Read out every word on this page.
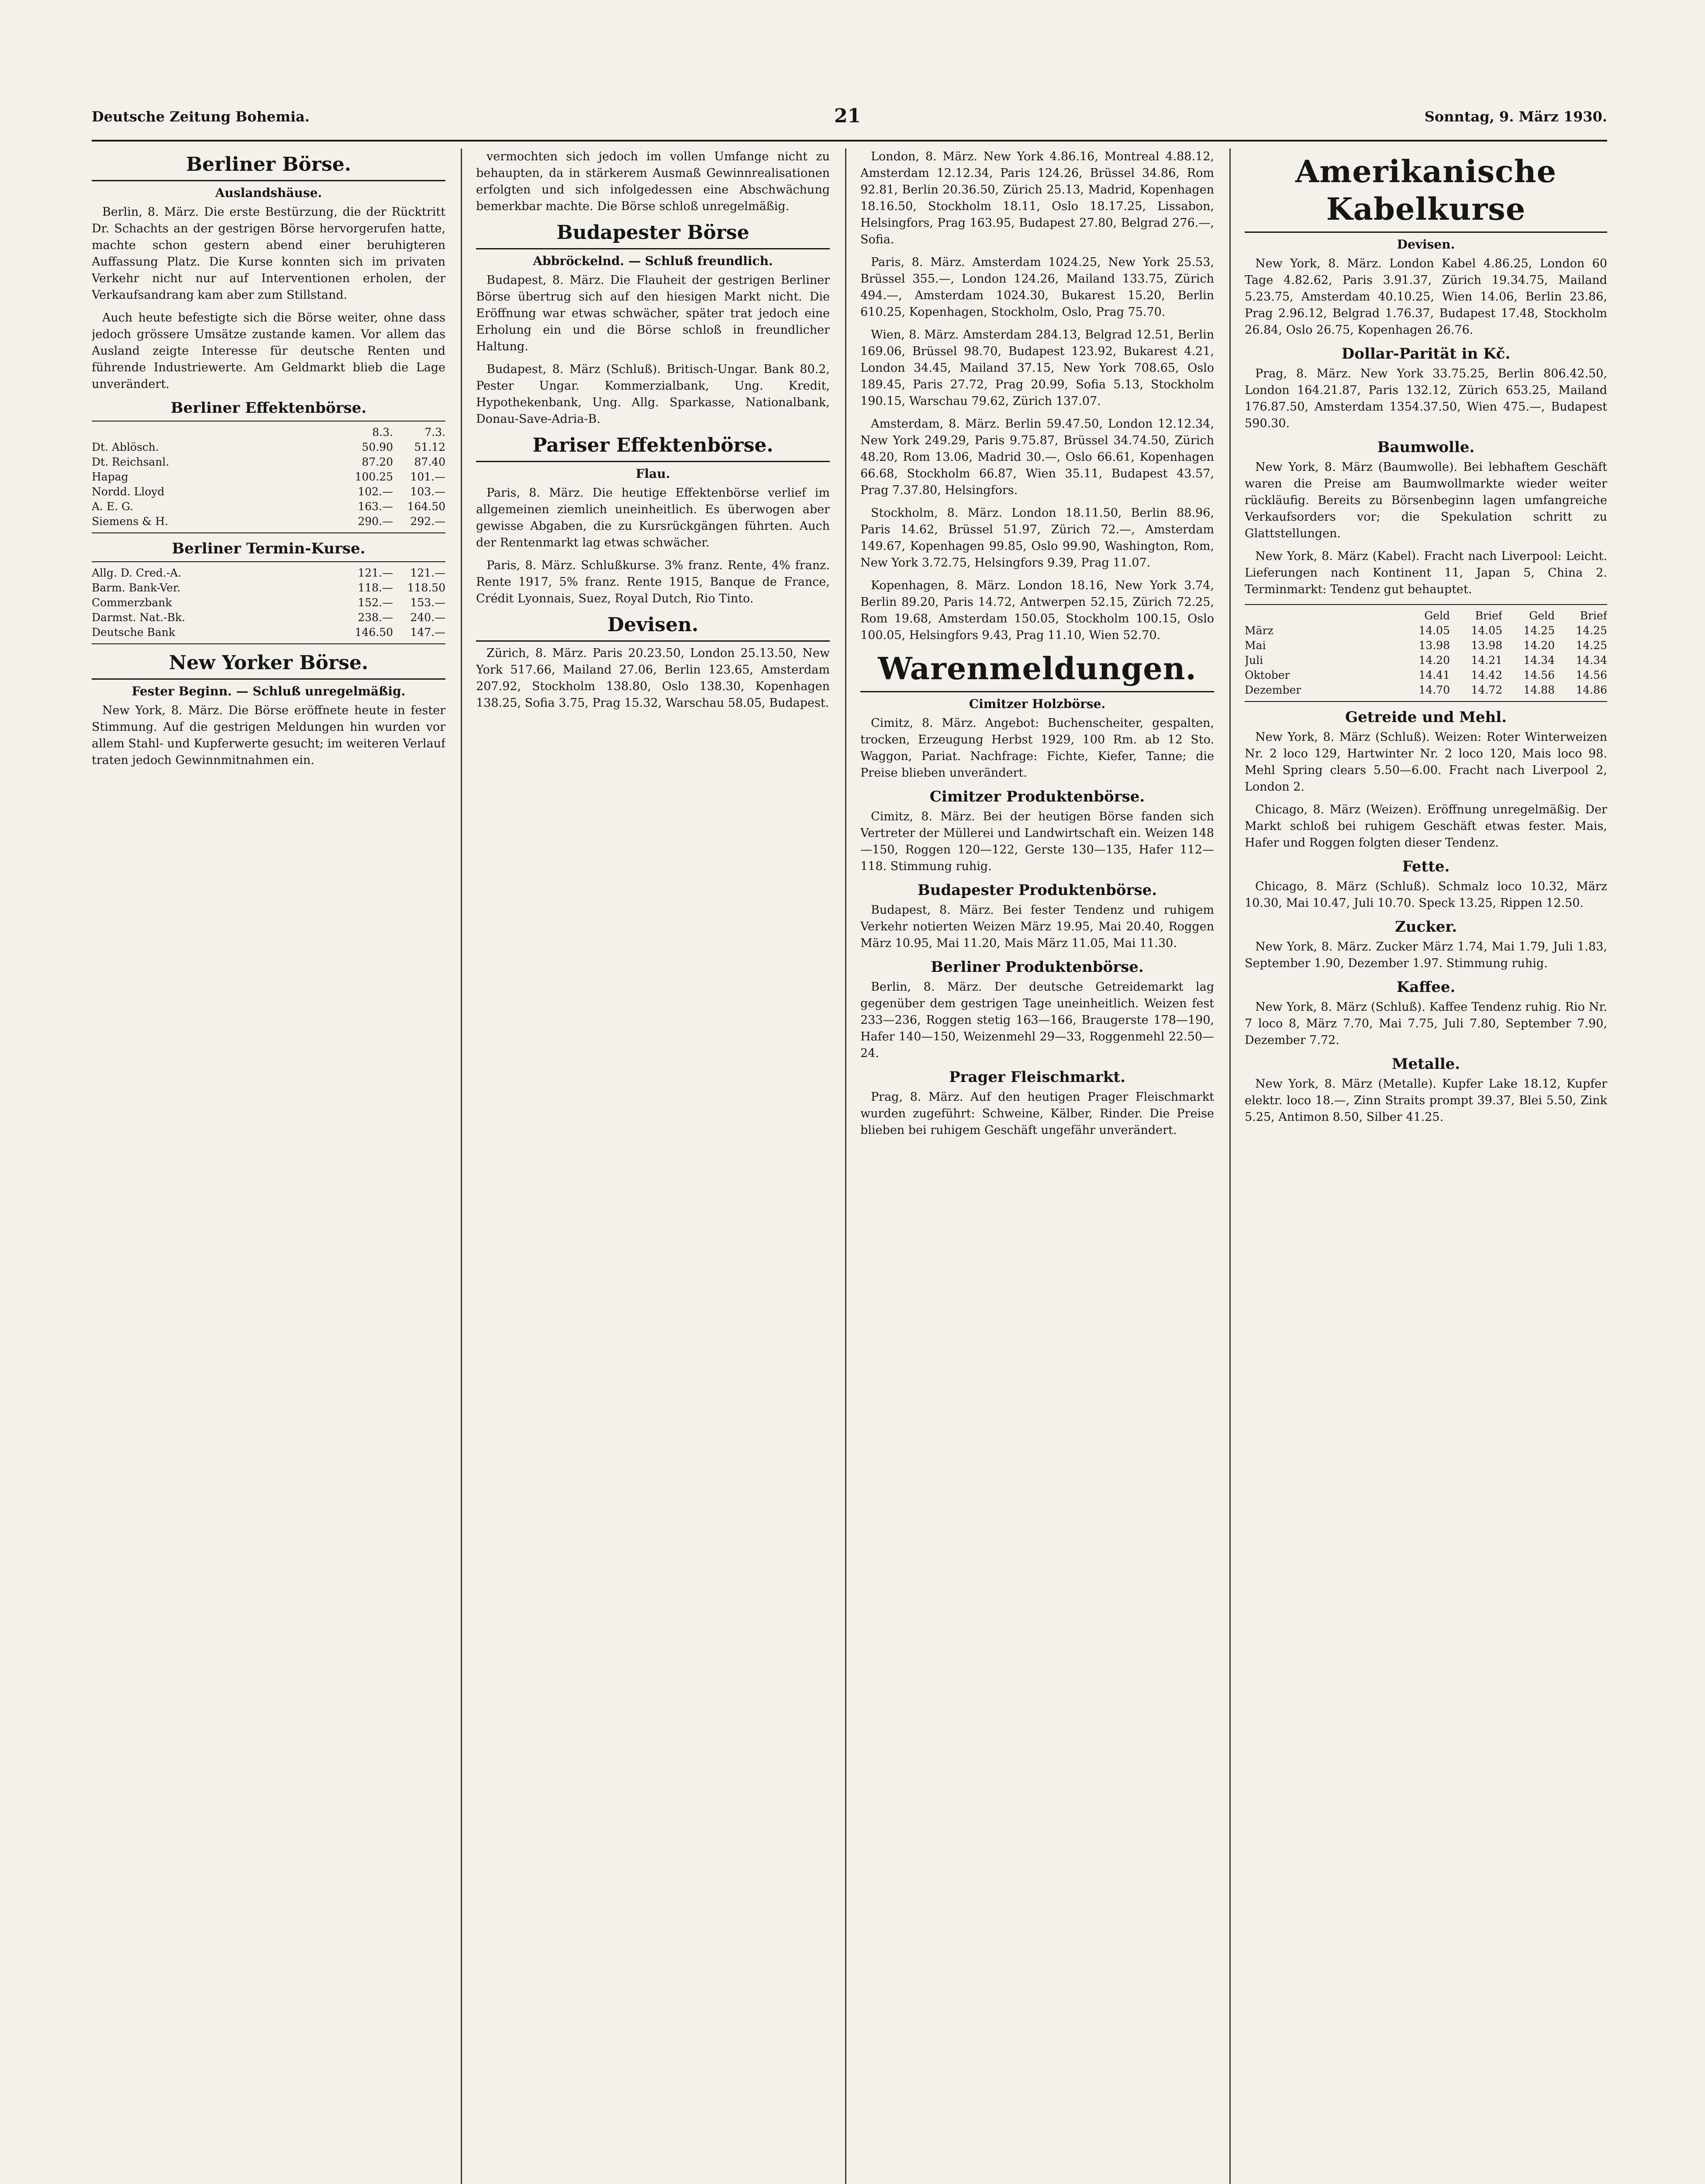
Deutsche Zeitung Bohemia.	21	Sonntag, 9. März 1930.
Berliner Börse.
Auslandshäuse.

Berlin, 8. März. Die erste Bestürzung, die der Rücktritt Dr. Schachts an der gestrigen Börse hervorgerufen hatte, machte schon gestern abend einer beruhigteren Auffassung Platz. Die Kurse konnten sich im privaten Verkehr nicht nur auf Interventionen erholen, der Verkaufsandrang kam aber zum Stillstand.

Auch heute befestigte sich die Börse weiter, ohne dass jedoch grössere Umsätze zustande kamen. Vor allem das Ausland zeigte Interesse für deutsche Renten und führende Industriewerte. Am Geldmarkt blieb die Lage unverändert.

Berliner Effektenbörse.
8.3.	7.3.
Dt. Ablösch.	50.90	51.12
Dt. Reichsanl.	87.20	87.40
Hapag	100.25	101.—
Nordd. Lloyd	102.—	103.—
A. E. G.	163.—	164.50
Siemens & H.	290.—	292.—
Berliner Termin-Kurse.
Allg. D. Cred.-A.	121.—	121.—
Barm. Bank-Ver.	118.—	118.50
Commerzbank	152.—	153.—
Darmst. Nat.-Bk.	238.—	240.—
Deutsche Bank	146.50	147.—
New Yorker Börse.
Fester Beginn. — Schluß unregelmäßig.

New York, 8. März. Die Börse eröffnete heute in fester Stimmung. Auf die gestrigen Meldungen hin wurden vor allem Stahl- und Kupferwerte gesucht; im weiteren Verlauf traten jedoch Gewinnmitnahmen ein.

vermochten sich jedoch im vollen Umfange nicht zu behaupten, da in stärkerem Ausmaß Gewinnrealisationen erfolgten und sich infolgedessen eine Abschwächung bemerkbar machte. Die Börse schloß unregelmäßig.

Budapester Börse
Abbröckelnd. — Schluß freundlich.

Budapest, 8. März. Die Flauheit der gestrigen Berliner Börse übertrug sich auf den hiesigen Markt nicht. Die Eröffnung war etwas schwächer, später trat jedoch eine Erholung ein und die Börse schloß in freundlicher Haltung.

Budapest, 8. März (Schluß). Britisch-Ungar. Bank 80.2, Pester Ungar. Kommerzialbank, Ung. Kredit, Hypothekenbank, Ung. Allg. Sparkasse, Nationalbank, Donau-Save-Adria-B.

Pariser Effektenbörse.
Flau.

Paris, 8. März. Die heutige Effektenbörse verlief im allgemeinen ziemlich uneinheitlich. Es überwogen aber gewisse Abgaben, die zu Kursrückgängen führten. Auch der Rentenmarkt lag etwas schwächer.

Paris, 8. März. Schlußkurse. 3% franz. Rente, 4% franz. Rente 1917, 5% franz. Rente 1915, Banque de France, Crédit Lyonnais, Suez, Royal Dutch, Rio Tinto.

Devisen.

Zürich, 8. März. Paris 20.23.50, London 25.13.50, New York 517.66, Mailand 27.06, Berlin 123.65, Amsterdam 207.92, Stockholm 138.80, Oslo 138.30, Kopenhagen 138.25, Sofia 3.75, Prag 15.32, Warschau 58.05, Budapest.

London, 8. März. New York 4.86.16, Montreal 4.88.12, Amsterdam 12.12.34, Paris 124.26, Brüssel 34.86, Rom 92.81, Berlin 20.36.50, Zürich 25.13, Madrid, Kopenhagen 18.16.50, Stockholm 18.11, Oslo 18.17.25, Lissabon, Helsingfors, Prag 163.95, Budapest 27.80, Belgrad 276.—, Sofia.

Paris, 8. März. Amsterdam 1024.25, New York 25.53, Brüssel 355.—, London 124.26, Mailand 133.75, Zürich 494.—, Amsterdam 1024.30, Bukarest 15.20, Berlin 610.25, Kopenhagen, Stockholm, Oslo, Prag 75.70.

Wien, 8. März. Amsterdam 284.13, Belgrad 12.51, Berlin 169.06, Brüssel 98.70, Budapest 123.92, Bukarest 4.21, London 34.45, Mailand 37.15, New York 708.65, Oslo 189.45, Paris 27.72, Prag 20.99, Sofia 5.13, Stockholm 190.15, Warschau 79.62, Zürich 137.07.

Amsterdam, 8. März. Berlin 59.47.50, London 12.12.34, New York 249.29, Paris 9.75.87, Brüssel 34.74.50, Zürich 48.20, Rom 13.06, Madrid 30.—, Oslo 66.61, Kopenhagen 66.68, Stockholm 66.87, Wien 35.11, Budapest 43.57, Prag 7.37.80, Helsingfors.

Stockholm, 8. März. London 18.11.50, Berlin 88.96, Paris 14.62, Brüssel 51.97, Zürich 72.—, Amsterdam 149.67, Kopenhagen 99.85, Oslo 99.90, Washington, Rom, New York 3.72.75, Helsingfors 9.39, Prag 11.07.

Kopenhagen, 8. März. London 18.16, New York 3.74, Berlin 89.20, Paris 14.72, Antwerpen 52.15, Zürich 72.25, Rom 19.68, Amsterdam 150.05, Stockholm 100.15, Oslo 100.05, Helsingfors 9.43, Prag 11.10, Wien 52.70.

Warenmeldungen.
Cimitzer Holzbörse.

Cimitz, 8. März. Angebot: Buchenscheiter, gespalten, trocken, Erzeugung Herbst 1929, 100 Rm. ab 12 Sto. Waggon, Pariat. Nachfrage: Fichte, Kiefer, Tanne; die Preise blieben unverändert.

Cimitzer Produktenbörse.

Cimitz, 8. März. Bei der heutigen Börse fanden sich Vertreter der Müllerei und Landwirtschaft ein. Weizen 148—150, Roggen 120—122, Gerste 130—135, Hafer 112—118. Stimmung ruhig.

Budapester Produktenbörse.

Budapest, 8. März. Bei fester Tendenz und ruhigem Verkehr notierten Weizen März 19.95, Mai 20.40, Roggen März 10.95, Mai 11.20, Mais März 11.05, Mai 11.30.

Berliner Produktenbörse.

Berlin, 8. März. Der deutsche Getreidemarkt lag gegenüber dem gestrigen Tage uneinheitlich. Weizen fest 233—236, Roggen stetig 163—166, Braugerste 178—190, Hafer 140—150, Weizenmehl 29—33, Roggenmehl 22.50—24.

Prager Fleischmarkt.

Prag, 8. März. Auf den heutigen Prager Fleischmarkt wurden zugeführt: Schweine, Kälber, Rinder. Die Preise blieben bei ruhigem Geschäft ungefähr unverändert.

Amerikanische Kabelkurse
Devisen.

New York, 8. März. London Kabel 4.86.25, London 60 Tage 4.82.62, Paris 3.91.37, Zürich 19.34.75, Mailand 5.23.75, Amsterdam 40.10.25, Wien 14.06, Berlin 23.86, Prag 2.96.12, Belgrad 1.76.37, Budapest 17.48, Stockholm 26.84, Oslo 26.75, Kopenhagen 26.76.

Dollar-Parität in Kč.

Prag, 8. März. New York 33.75.25, Berlin 806.42.50, London 164.21.87, Paris 132.12, Zürich 653.25, Mailand 176.87.50, Amsterdam 1354.37.50, Wien 475.—, Budapest 590.30.

Baumwolle.

New York, 8. März (Baumwolle). Bei lebhaftem Geschäft waren die Preise am Baumwollmarkte wieder weiter rückläufig. Bereits zu Börsenbeginn lagen umfangreiche Verkaufsorders vor; die Spekulation schritt zu Glattstellungen.

New York, 8. März (Kabel). Fracht nach Liverpool: Leicht. Lieferungen nach Kontinent 11, Japan 5, China 2. Terminmarkt: Tendenz gut behauptet.

Geld	Brief	Geld	Brief
März	14.05	14.05	14.25	14.25
Mai	13.98	13.98	14.20	14.25
Juli	14.20	14.21	14.34	14.34
Oktober	14.41	14.42	14.56	14.56
Dezember	14.70	14.72	14.88	14.86
Getreide und Mehl.

New York, 8. März (Schluß). Weizen: Roter Winterweizen Nr. 2 loco 129, Hartwinter Nr. 2 loco 120, Mais loco 98. Mehl Spring clears 5.50—6.00. Fracht nach Liverpool 2, London 2.

Chicago, 8. März (Weizen). Eröffnung unregelmäßig. Der Markt schloß bei ruhigem Geschäft etwas fester. Mais, Hafer und Roggen folgten dieser Tendenz.

Fette.

Chicago, 8. März (Schluß). Schmalz loco 10.32, März 10.30, Mai 10.47, Juli 10.70. Speck 13.25, Rippen 12.50.

Zucker.

New York, 8. März. Zucker März 1.74, Mai 1.79, Juli 1.83, September 1.90, Dezember 1.97. Stimmung ruhig.

Kaffee.

New York, 8. März (Schluß). Kaffee Tendenz ruhig. Rio Nr. 7 loco 8, März 7.70, Mai 7.75, Juli 7.80, September 7.90, Dezember 7.72.

Metalle.

New York, 8. März (Metalle). Kupfer Lake 18.12, Kupfer elektr. loco 18.—, Zinn Straits prompt 39.37, Blei 5.50, Zink 5.25, Antimon 8.50, Silber 41.25.
